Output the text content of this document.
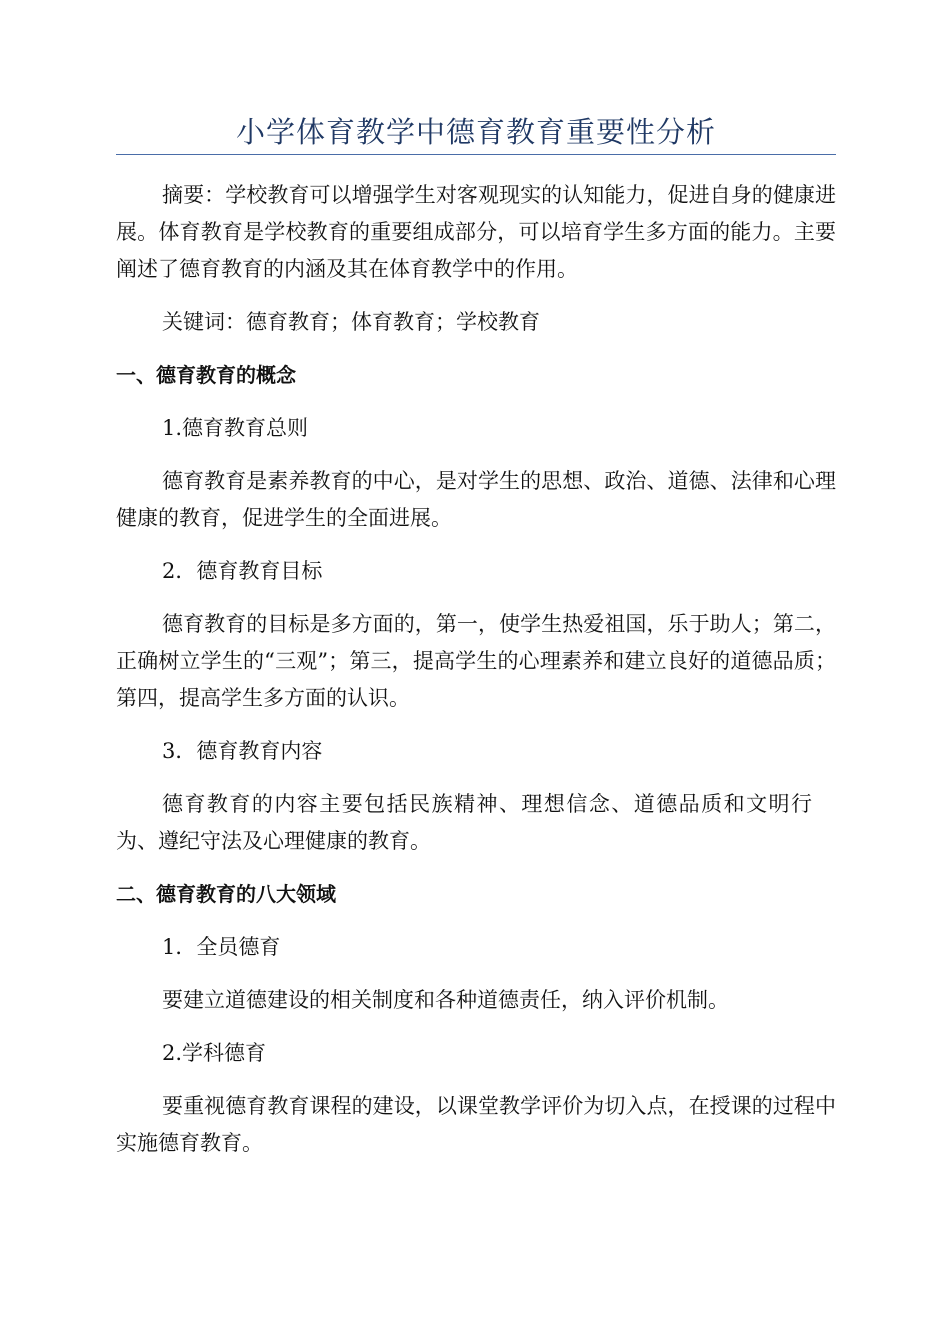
小学体育教学中德育教育重要性分析

摘要：学校教育可以增强学生对客观现实的认知能力，促进自身的健康进展。体育教育是学校教育的重要组成部分，可以培育学生多方面的能力。主要阐述了德育教育的内涵及其在体育教学中的作用。

关键词：德育教育；体育教育；学校教育

一、德育教育的概念

1.德育教育总则

德育教育是素养教育的中心，是对学生的思想、政治、道德、法律和心理健康的教育，促进学生的全面进展。

2．德育教育目标

德育教育的目标是多方面的，第一，使学生热爱祖国，乐于助人；第二，正确树立学生的“三观”；第三，提高学生的心理素养和建立良好的道德品质；第四，提高学生多方面的认识。

3．德育教育内容

德育教育的内容主要包括民族精神、理想信念、道德品质和文明行为、遵纪守法及心理健康的教育。

二、德育教育的八大领域

1．全员德育

要建立道德建设的相关制度和各种道德责任，纳入评价机制。

2.学科德育

要重视德育教育课程的建设，以课堂教学评价为切入点，在授课的过程中实施德育教育。
